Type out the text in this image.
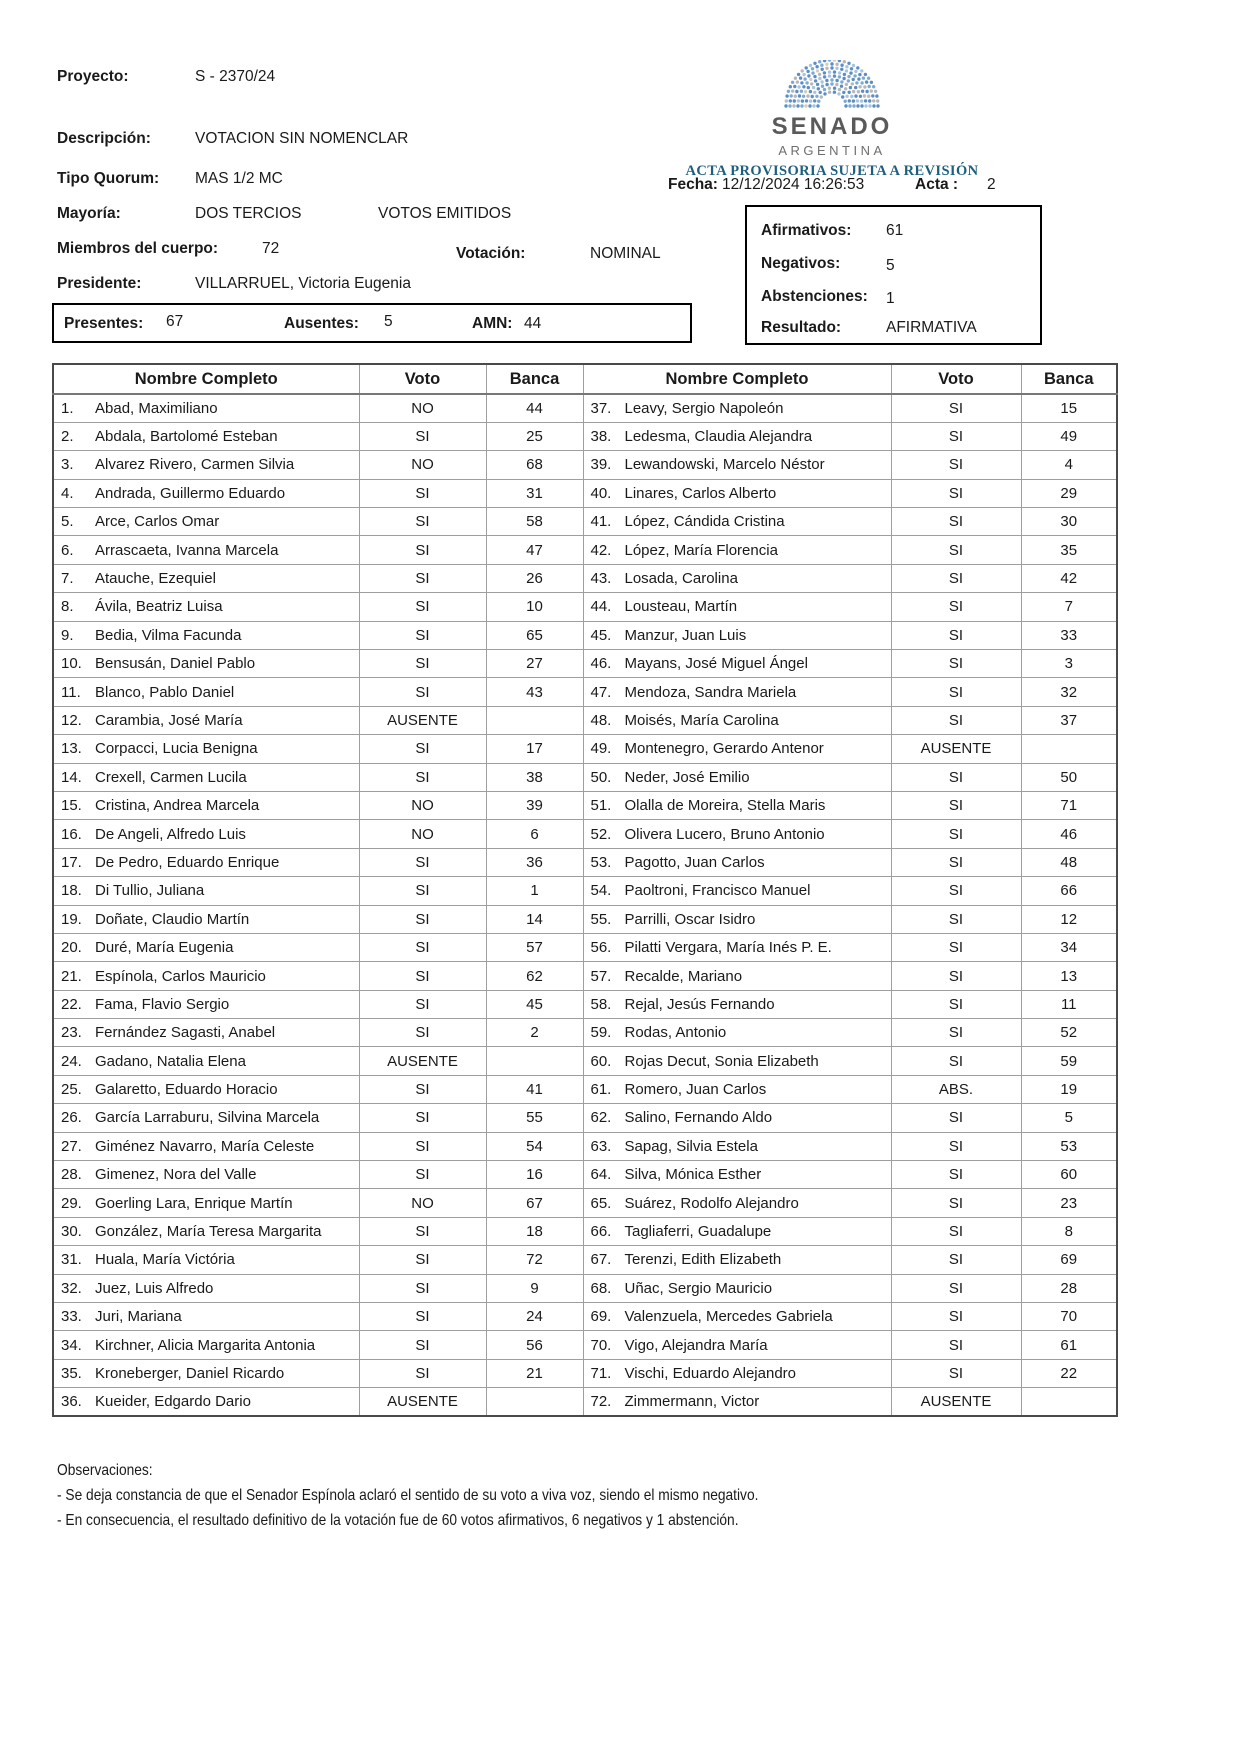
Proyecto:	S - 2370/24
Descripción:	VOTACION SIN NOMENCLAR
Tipo Quorum: MAS 1/2 MC
Mayoría:	DOS TERCIOS	VOTOS EMITIDOS
Miembros del cuerpo:	72	Votación:	NOMINAL
Presidente:	VILLARRUEL, Victoria Eugenia
Presentes: 67	Ausentes: 5	AMN: 44
SENADO
ARGENTINA
ACTA PROVISORIA SUJETA A REVISIÓN
Fecha: 12/12/2024 16:26:53	Acta : 2
Afirmativos: 61
Negativos:	5
Abstenciones: 1
Resultado:	AFIRMATIVA
Nombre Completo	Voto	Banca	Nombre Completo	Voto	Banca
1. Abad, Maximiliano	NO	44	37. Leavy, Sergio Napoleón	SI	15
2. Abdala, Bartolomé Esteban	SI	25	38. Ledesma, Claudia Alejandra	SI	49
3. Alvarez Rivero, Carmen Silvia	NO	68	39. Lewandowski, Marcelo Néstor	SI	4
4. Andrada, Guillermo Eduardo	SI	31	40. Linares, Carlos Alberto	SI	29
5. Arce, Carlos Omar	SI	58	41. López, Cándida Cristina	SI	30
6. Arrascaeta, Ivanna Marcela	SI	47	42. López, María Florencia	SI	35
7. Atauche, Ezequiel	SI	26	43. Losada, Carolina	SI	42
8. Ávila, Beatriz Luisa	SI	10	44. Lousteau, Martín	SI	7
9. Bedia, Vilma Facunda	SI	65	45. Manzur, Juan Luis	SI	33
10. Bensusán, Daniel Pablo	SI	27	46. Mayans, José Miguel Ángel	SI	3
11. Blanco, Pablo Daniel	SI	43	47. Mendoza, Sandra Mariela	SI	32
12. Carambia, José María	AUSENTE		48. Moisés, María Carolina	SI	37
13. Corpacci, Lucia Benigna	SI	17	49. Montenegro, Gerardo Antenor	AUSENTE	
14. Crexell, Carmen Lucila	SI	38	50. Neder, José Emilio	SI	50
15. Cristina, Andrea Marcela	NO	39	51. Olalla de Moreira, Stella Maris	SI	71
16. De Angeli, Alfredo Luis	NO	6	52. Olivera Lucero, Bruno Antonio	SI	46
17. De Pedro, Eduardo Enrique	SI	36	53. Pagotto, Juan Carlos	SI	48
18. Di Tullio, Juliana	SI	1	54. Paoltroni, Francisco Manuel	SI	66
19. Doñate, Claudio Martín	SI	14	55. Parrilli, Oscar Isidro	SI	12
20. Duré, María Eugenia	SI	57	56. Pilatti Vergara, María Inés P. E.	SI	34
21. Espínola, Carlos Mauricio	SI	62	57. Recalde, Mariano	SI	13
22. Fama, Flavio Sergio	SI	45	58. Rejal, Jesús Fernando	SI	11
23. Fernández Sagasti, Anabel	SI	2	59. Rodas, Antonio	SI	52
24. Gadano, Natalia Elena	AUSENTE		60. Rojas Decut, Sonia Elizabeth	SI	59
25. Galaretto, Eduardo Horacio	SI	41	61. Romero, Juan Carlos	ABS.	19
26. García Larraburu, Silvina Marcela	SI	55	62. Salino, Fernando Aldo	SI	5
27. Giménez Navarro, María Celeste	SI	54	63. Sapag, Silvia Estela	SI	53
28. Gimenez, Nora del Valle	SI	16	64. Silva, Mónica Esther	SI	60
29. Goerling Lara, Enrique Martín	NO	67	65. Suárez, Rodolfo Alejandro	SI	23
30. González, María Teresa Margarita	SI	18	66. Tagliaferri, Guadalupe	SI	8
31. Huala, María Victória	SI	72	67. Terenzi, Edith Elizabeth	SI	69
32. Juez, Luis Alfredo	SI	9	68. Uñac, Sergio Mauricio	SI	28
33. Juri, Mariana	SI	24	69. Valenzuela, Mercedes Gabriela	SI	70
34. Kirchner, Alicia Margarita Antonia	SI	56	70. Vigo, Alejandra María	SI	61
35. Kroneberger, Daniel Ricardo	SI	21	71. Vischi, Eduardo Alejandro	SI	22
36. Kueider, Edgardo Dario	AUSENTE		72. Zimmermann, Victor	AUSENTE	
Observaciones:
- Se deja constancia de que el Senador Espínola aclaró el sentido de su voto a viva voz, siendo el mismo negativo.
- En consecuencia, el resultado definitivo de la votación fue de 60 votos afirmativos, 6 negativos y 1 abstención.
